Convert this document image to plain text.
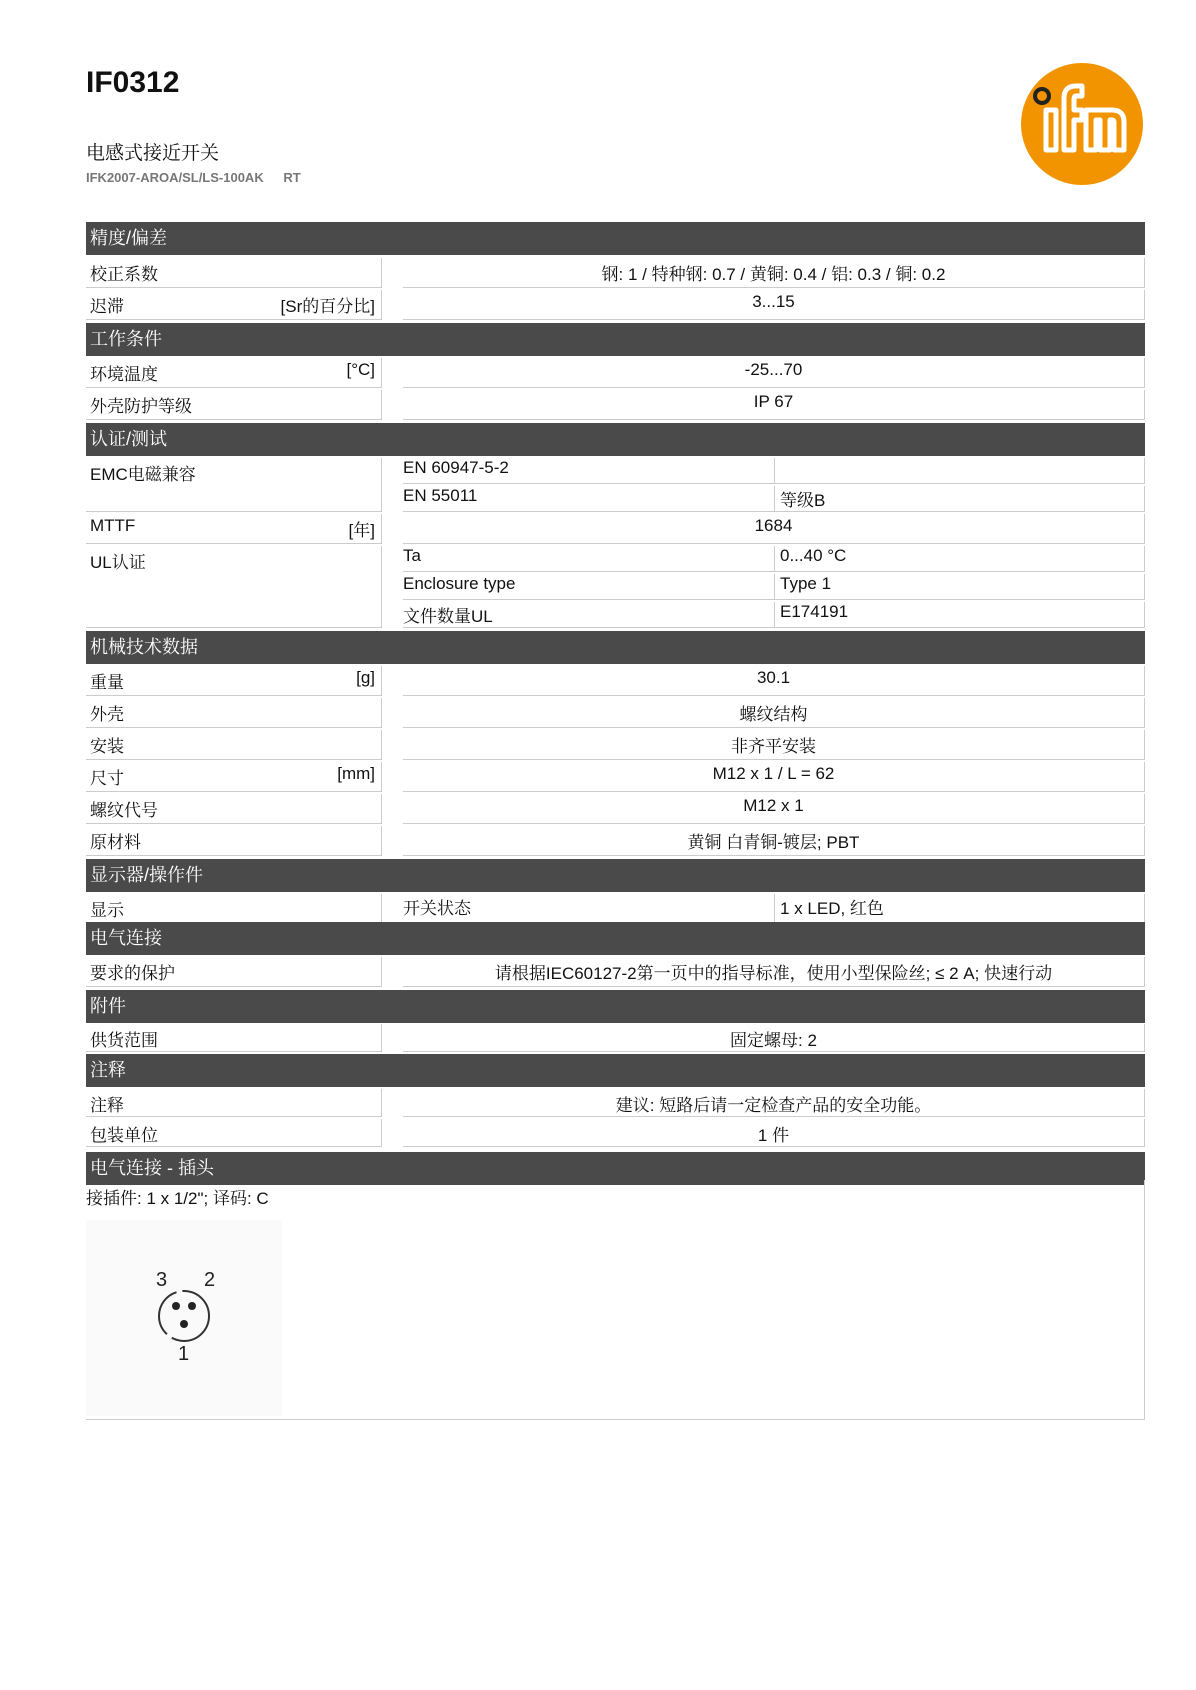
IF0312
电感式接近开关
IFK2007-AROA/SL/LS-100AK RT
精度/偏差
校正系数	钢: 1 / 特种钢: 0.7 / 黄铜: 0.4 / 铝: 0.3 / 铜: 0.2
迟滞	[Sr的百分比]	3...15
工作条件
环境温度	[°C]	-25...70
外壳防护等级	IP 67
认证/测试
EMC电磁兼容	EN 60947-5-2
EN 55011	等级B
MTTF	[年]	1684
UL认证	Ta	0...40 °C
Enclosure type	Type 1
文件数量UL	E174191
机械技术数据
重量	[g]	30.1
外壳	螺纹结构
安装	非齐平安装
尺寸	[mm]	M12 x 1 / L = 62
螺纹代号	M12 x 1
原材料	黄铜 白青铜-镀层; PBT
显示器/操作件
显示	开关状态	1 x LED, 红色
电气连接
要求的保护	请根据IEC60127-2第一页中的指导标准，使用小型保险丝; ≤ 2 A; 快速行动
附件
供货范围	固定螺母: 2
注释
注释	建议: 短路后请一定检查产品的安全功能。
包装单位	1 件
电气连接 - 插头
接插件: 1 x 1/2"; 译码: C
3 2
1
